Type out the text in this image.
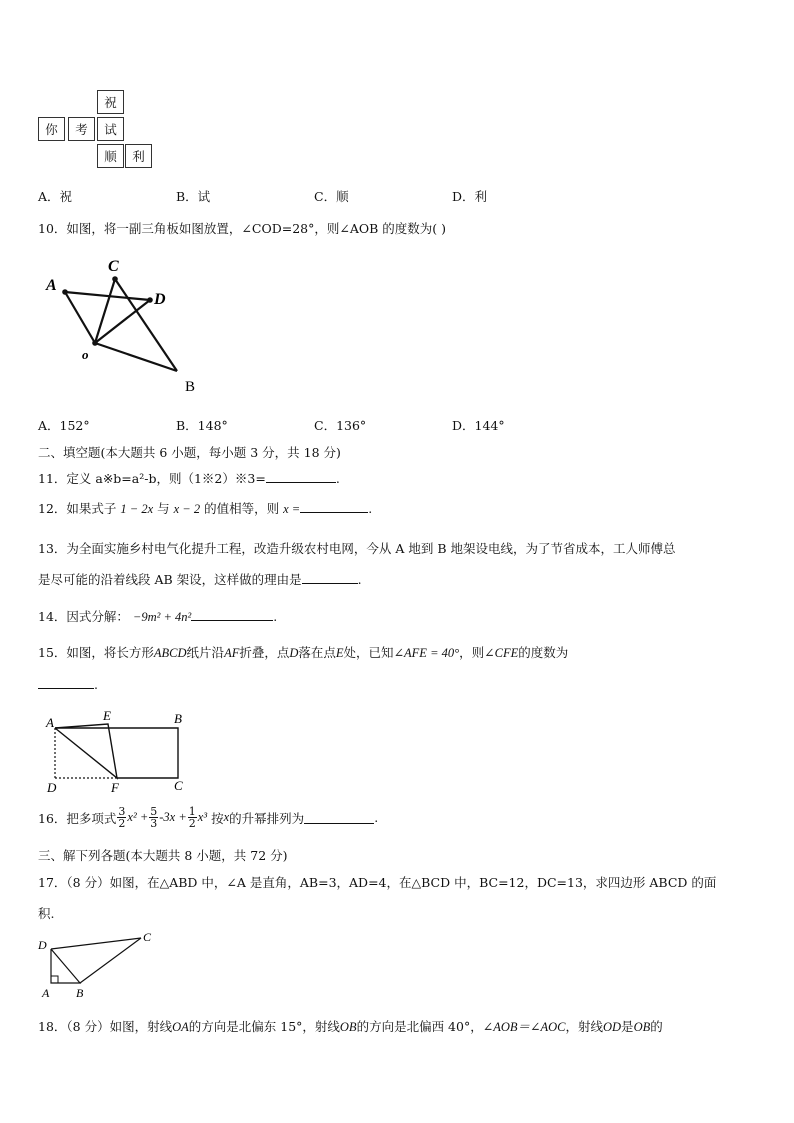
祝
你	考	试
顺	利
A．祝	B．试	C．顺	D．利
10．如图，将一副三角板如图放置，∠COD=28°，则∠AOB 的度数为( )
A
C
D
o
B
A．152°	B．148°	C．136°	D．144°
二、填空题(本大题共 6 小题，每小题 3 分，共 18 分)
11．定义 a※b=a²-b，则（1※2）※3=	.
12．如果式子 1 − 2x 与 x − 2 的值相等，则 x =	.
13．为全面实施乡村电气化提升工程，改造升级农村电网，今从 A 地到 B 地架设电线，为了节省成本，工人师傅总
是尽可能的沿着线段 AB 架设，这样做的理由是	.
14．因式分解： −9m² + 4n²	.
15．如图，将长方形ABCD纸片沿AF折叠，点D落在点E处，已知∠AFE = 40°，则∠CFE的度数为
.
A	E	B
D	F	C
16．把多项式 $\frac{3}{2} x^2 + \frac{5}{3} -3x + \frac{1}{2} x^3$ 按 x 的升幂排列为	.
三、解下列各题(本大题共 8 小题，共 72 分)
17．（8 分）如图，在△ABD 中，∠A 是直角，AB=3，AD=4，在△BCD 中，BC=12，DC=13，求四边形 ABCD 的面
积.
D
C
A B
18．（8 分）如图，射线OA的方向是北偏东 15°，射线OB的方向是北偏西 40°，∠AOB＝∠AOC，射线OD是OB的
